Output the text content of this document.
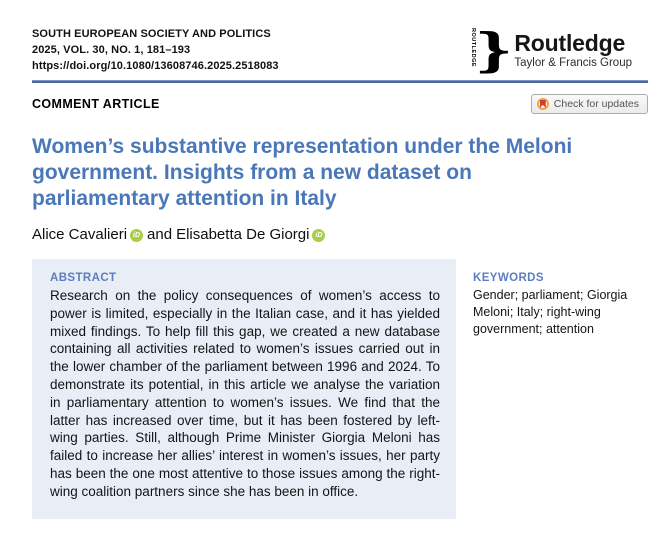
SOUTH EUROPEAN SOCIETY AND POLITICS
2025, VOL. 30, NO. 1, 181–193
https://doi.org/10.1080/13608746.2025.2518083	ROUTLEDGE
} Routledge
Taylor & Francis Group
COMMENT ARTICLE	Check for updates
Women’s substantive representation under the Meloni
government. Insights from a new dataset on
parliamentary attention in Italy
Alice Cavalieri iD and Elisabetta De Giorgi iD
ABSTRACT
Research on the policy consequences of women’s access to power is limited, especially in the Italian case, and it has yielded mixed findings. To help fill this gap, we created a new database containing all activities related to women’s issues carried out in the lower chamber of the parliament between 1996 and 2024. To demonstrate its potential, in this article we analyse the variation in parliamentary attention to women’s issues. We find that the latter has increased over time, but it has been fostered by left-wing parties. Still, although Prime Minister Giorgia Meloni has failed to increase her allies’ interest in women’s issues, her party has been the one most attentive to those issues among the right-wing coalition partners since she has been in office.
KEYWORDS
Gender; parliament; Giorgia
Meloni; Italy; right-wing
government; attention
